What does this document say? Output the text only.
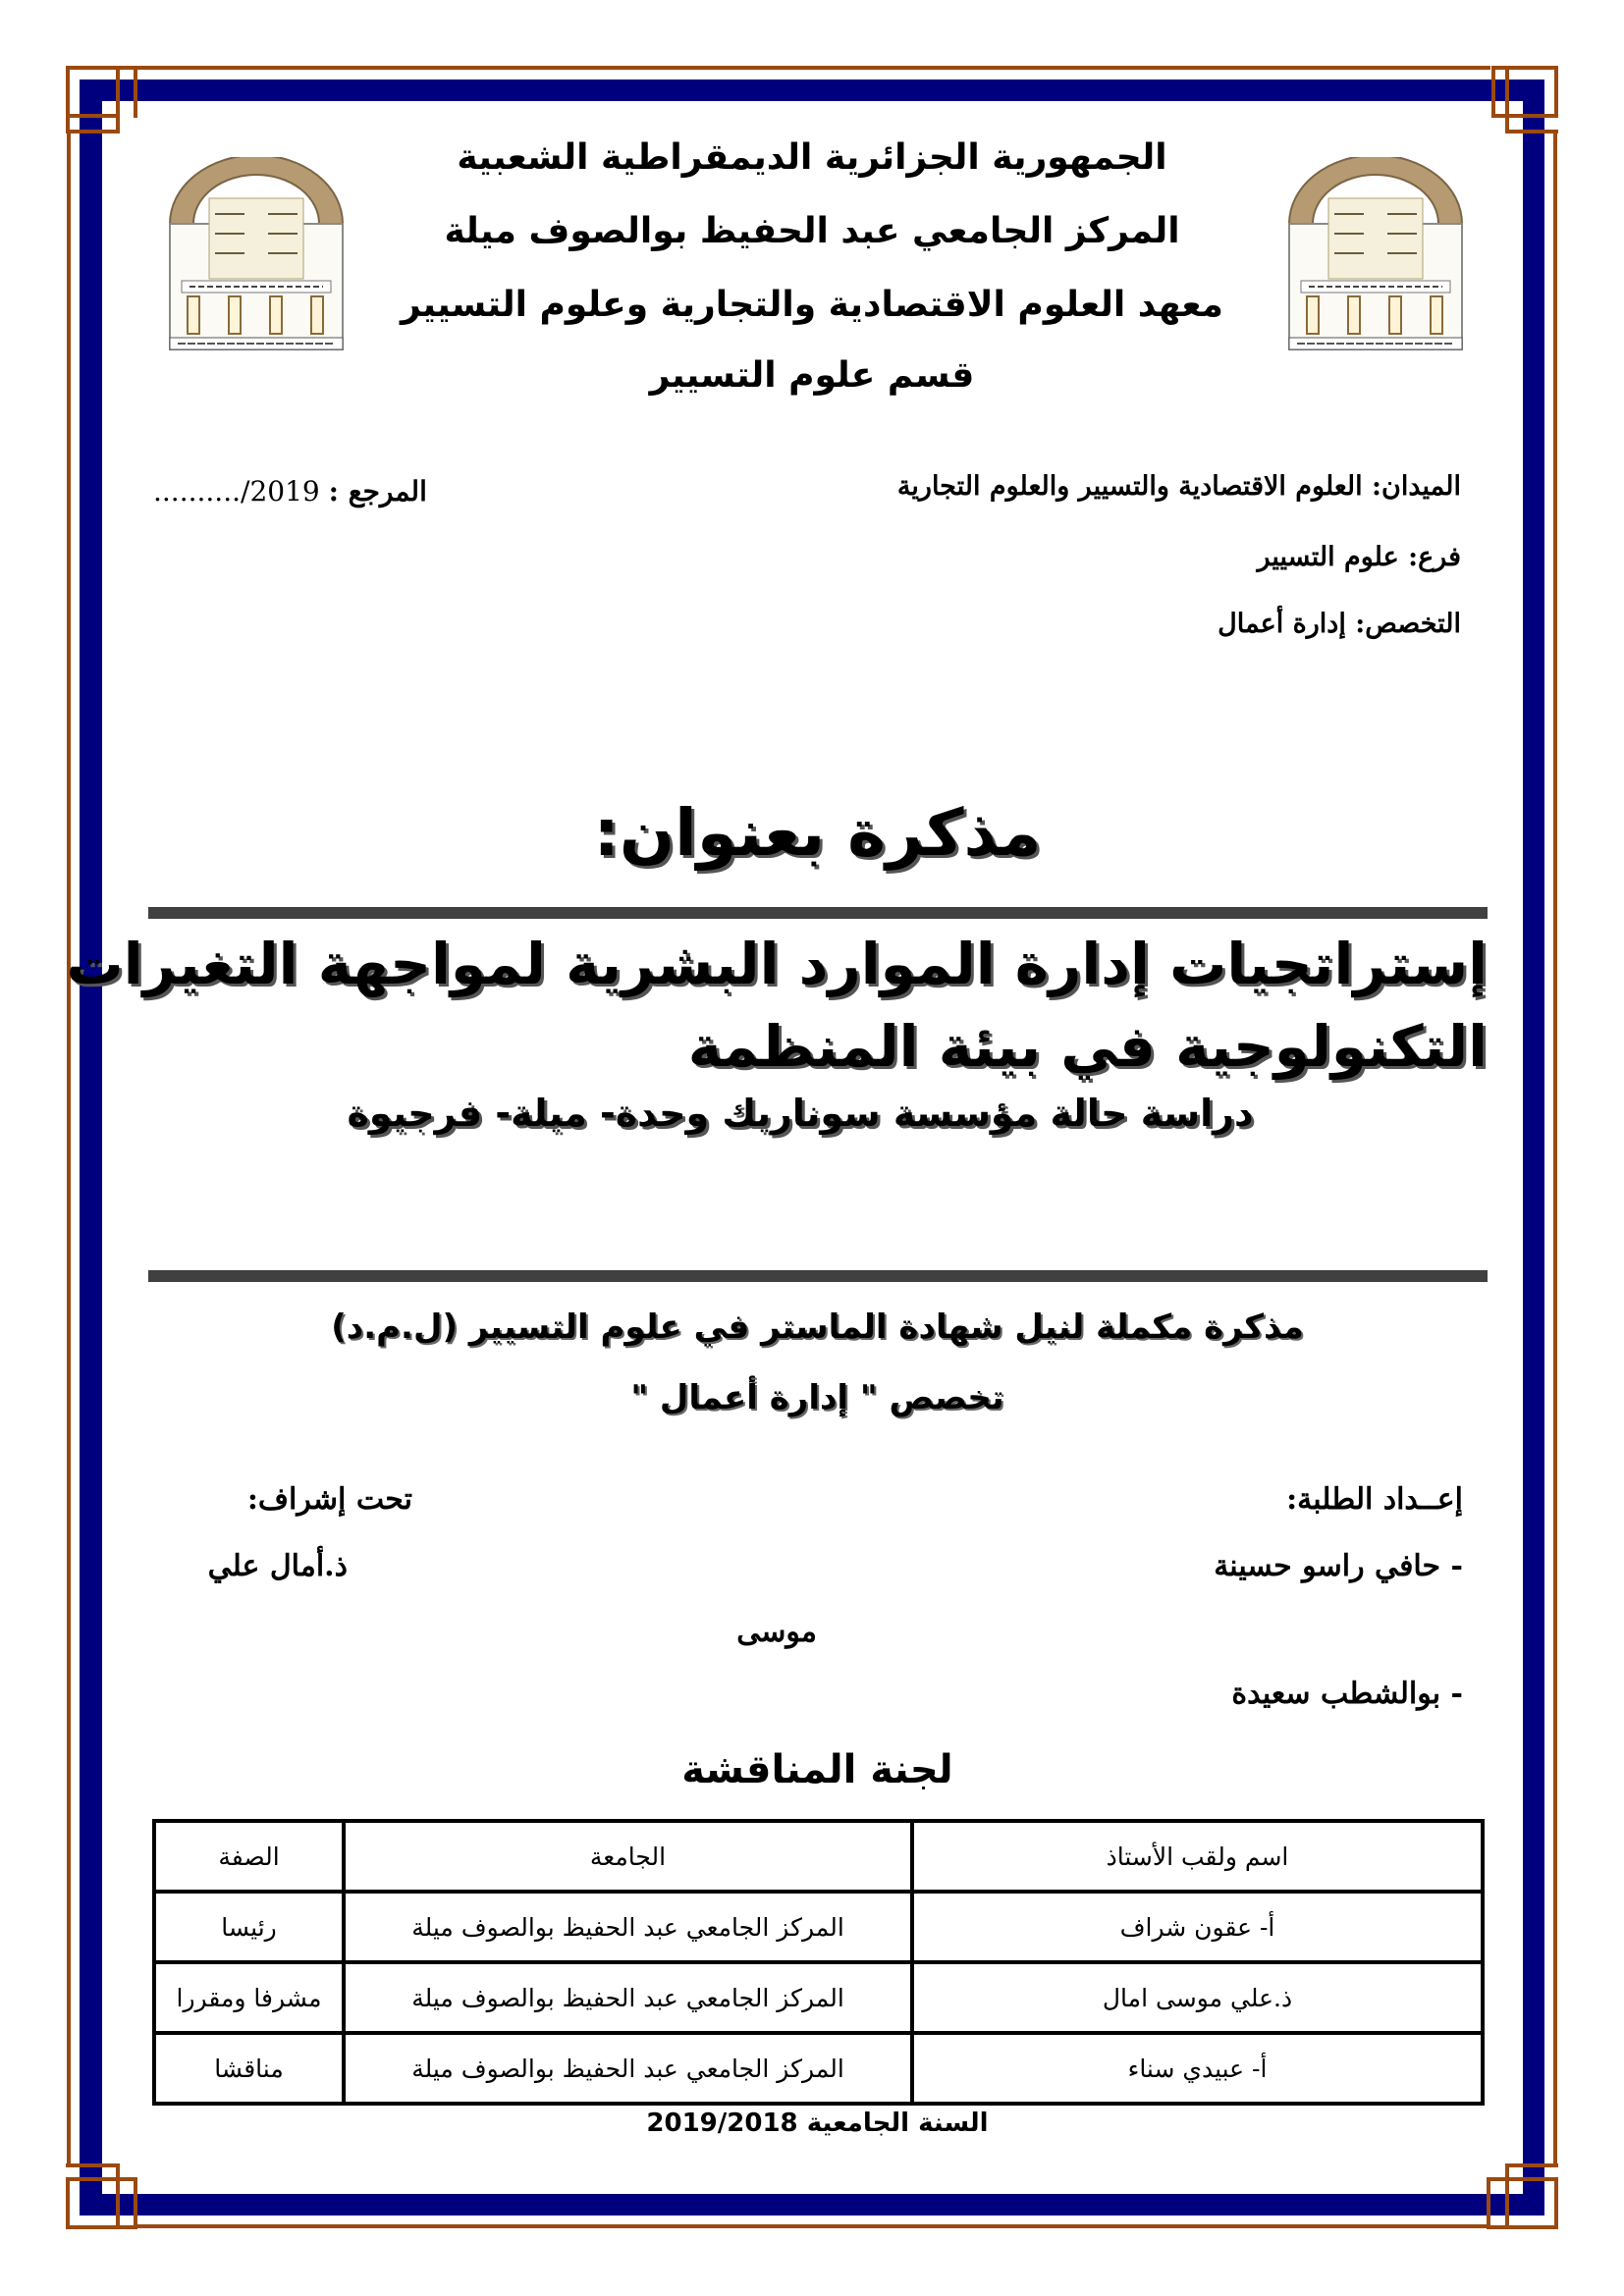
الجمهورية الجزائرية الديمقراطية الشعبية
المركز الجامعي عبد الحفيظ بوالصوف ميلة
معهد العلوم الاقتصادية والتجارية وعلوم التسيير
قسم علوم التسيير
المرجع : ........../2019	الميدان: العلوم الاقتصادية والتسيير والعلوم التجارية
فرع: علوم التسيير
التخصص: إدارة أعمال
مذكرة بعنوان:
إستراتجيات إدارة الموارد البشرية لمواجهة التغيرات
التكنولوجية في بيئة المنظمة
دراسة حالة مؤسسة سوناريك وحدة- ميلة- فرجيوة
مذكرة مكملة لنيل شهادة الماستر في علوم التسيير (ل.م.د)
تخصص " إدارة أعمال "
إعــداد الطلبة:
- حافي راسو حسينة
- بوالشطب سعيدة
تحت إشراف:
ذ.أمال علي
موسى
لجنة المناقشة
اسم ولقب الأستاذ	الجامعة	الصفة
أ- عقون شراف	المركز الجامعي عبد الحفيظ بوالصوف ميلة	رئيسا
ذ.علي موسى امال	المركز الجامعي عبد الحفيظ بوالصوف ميلة	مشرفا ومقررا
أ- عبيدي سناء	المركز الجامعي عبد الحفيظ بوالصوف ميلة	مناقشا
السنة الجامعية 2019/2018
